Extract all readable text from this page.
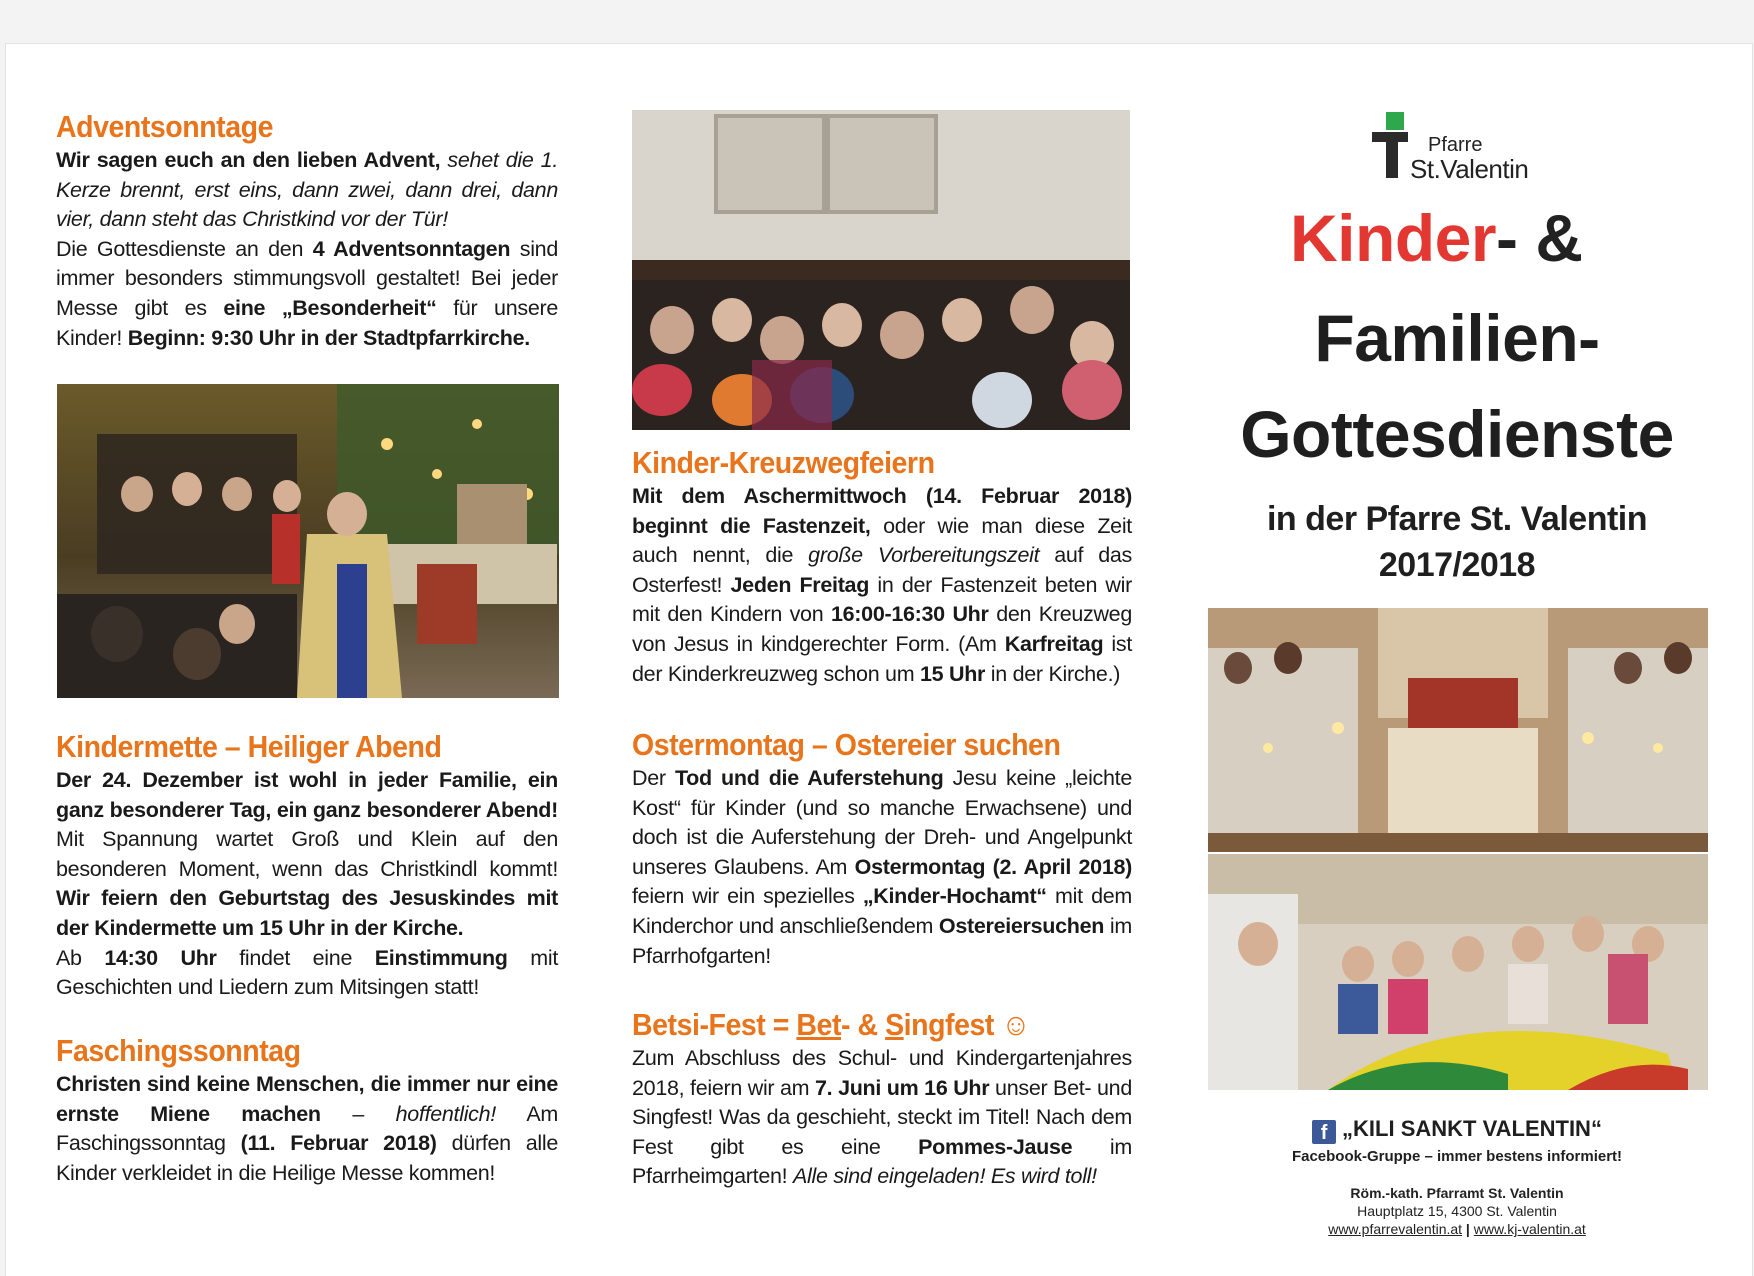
Adventsonntage

Wir sagen euch an den lieben Advent, sehet die 1. Kerze brennt, erst eins, dann zwei, dann drei, dann vier, dann steht das Christkind vor der Tür!
Die Gottesdienste an den 4 Adventsonntagen sind immer besonders stimmungsvoll gestaltet! Bei jeder Messe gibt es eine „Besonderheit“ für unsere Kinder! Beginn: 9:30 Uhr in der Stadtpfarrkirche.

Kindermette – Heiliger Abend

Der 24. Dezember ist wohl in jeder Familie, ein ganz besonderer Tag, ein ganz besonderer Abend! Mit Spannung wartet Groß und Klein auf den besonderen Moment, wenn das Christkindl kommt! Wir feiern den Geburtstag des Jesuskindes mit der Kindermette um 15 Uhr in der Kirche.
Ab 14:30 Uhr findet eine Einstimmung mit Geschichten und Liedern zum Mitsingen statt!

Faschingssonntag

Christen sind keine Menschen, die immer nur eine ernste Miene machen – hoffentlich! Am Faschingssonntag (11. Februar 2018) dürfen alle Kinder verkleidet in die Heilige Messe kommen!

Kinder-Kreuzwegfeiern

Mit dem Aschermittwoch (14. Februar 2018) beginnt die Fastenzeit, oder wie man diese Zeit auch nennt, die große Vorbereitungszeit auf das Osterfest! Jeden Freitag in der Fastenzeit beten wir mit den Kindern von 16:00-16:30 Uhr den Kreuzweg von Jesus in kindgerechter Form. (Am Karfreitag ist der Kinderkreuzweg schon um 15 Uhr in der Kirche.)

Ostermontag – Ostereier suchen

Der Tod und die Auferstehung Jesu keine „leichte Kost“ für Kinder (und so manche Erwachsene) und doch ist die Auferstehung der Dreh- und Angelpunkt unseres Glaubens. Am Ostermontag (2. April 2018) feiern wir ein spezielles „Kinder-Hochamt“ mit dem Kinderchor und anschließendem Ostereiersuchen im Pfarrhofgarten!

Betsi-Fest = Bet- & Singfest ☺

Zum Abschluss des Schul- und Kindergartenjahres 2018, feiern wir am 7. Juni um 16 Uhr unser Bet- und Singfest! Was da geschieht, steckt im Titel! Nach dem Fest gibt es eine Pommes-Jause im Pfarrheimgarten! Alle sind eingeladen! Es wird toll!

Pfarre
St.Valentin
Kinder- &
Familien-
Gottesdienste
in der Pfarre St. Valentin
2017/2018
f „KILI SANKT VALENTIN“
Facebook-Gruppe – immer bestens informiert!
Röm.-kath. Pfarramt St. Valentin
Hauptplatz 15, 4300 St. Valentin
www.pfarrevalentin.at | www.kj-valentin.at
